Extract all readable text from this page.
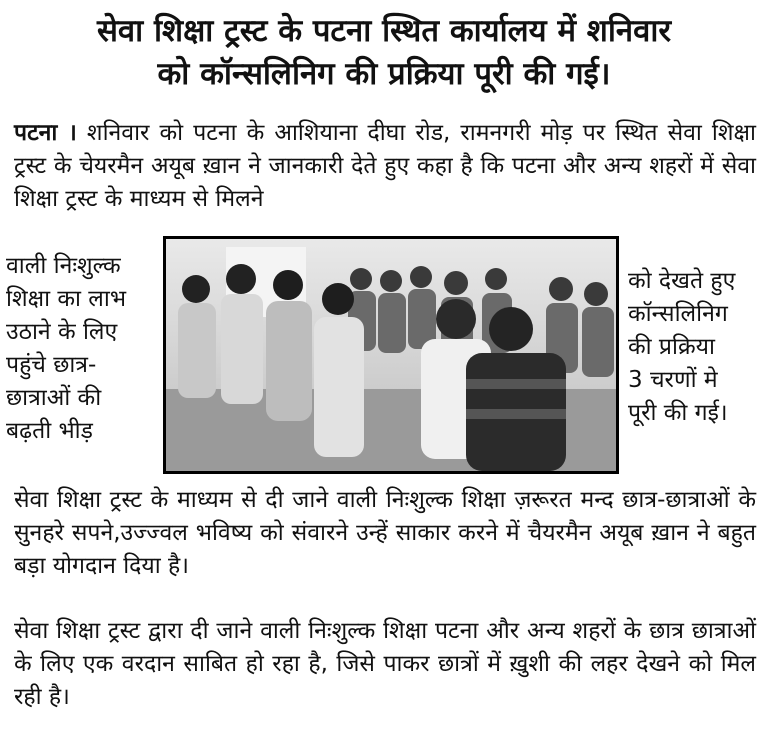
सेवा शिक्षा ट्रस्ट के पटना स्थित कार्यालय में शनिवार
को कॉन्सलिनिग की प्रक्रिया पूरी की गई।
पटना । शनिवार को पटना के आशियाना दीघा रोड, रामनगरी मोड़ पर स्थित सेवा शिक्षा ट्रस्ट के चेयरमैन अयूब ख़ान ने जानकारी देते हुए कहा है कि पटना और अन्य शहरों में सेवा शिक्षा ट्रस्ट के माध्यम से मिलने
वाली निःशुल्क
शिक्षा का लाभ
उठाने के लिए
पहुंचे छात्र-
छात्राओं की
बढ़ती भीड़
को देखते हुए
कॉन्सलिनिग
की प्रक्रिया
3 चरणों मे
पूरी की गई।
सेवा शिक्षा ट्रस्ट के माध्यम से दी जाने वाली निःशुल्क शिक्षा ज़रूरत मन्द छात्र-छात्राओं के सुनहरे सपने,उज्ज्वल भविष्य को संवारने उन्हें साकार करने में चैयरमैन अयूब ख़ान ने बहुत बड़ा योगदान दिया है।
सेवा शिक्षा ट्रस्ट द्वारा दी जाने वाली निःशुल्क शिक्षा पटना और अन्य शहरों के छात्र छात्राओं के लिए एक वरदान साबित हो रहा है, जिसे पाकर छात्रों में ख़ुशी की लहर देखने को मिल रही है।
